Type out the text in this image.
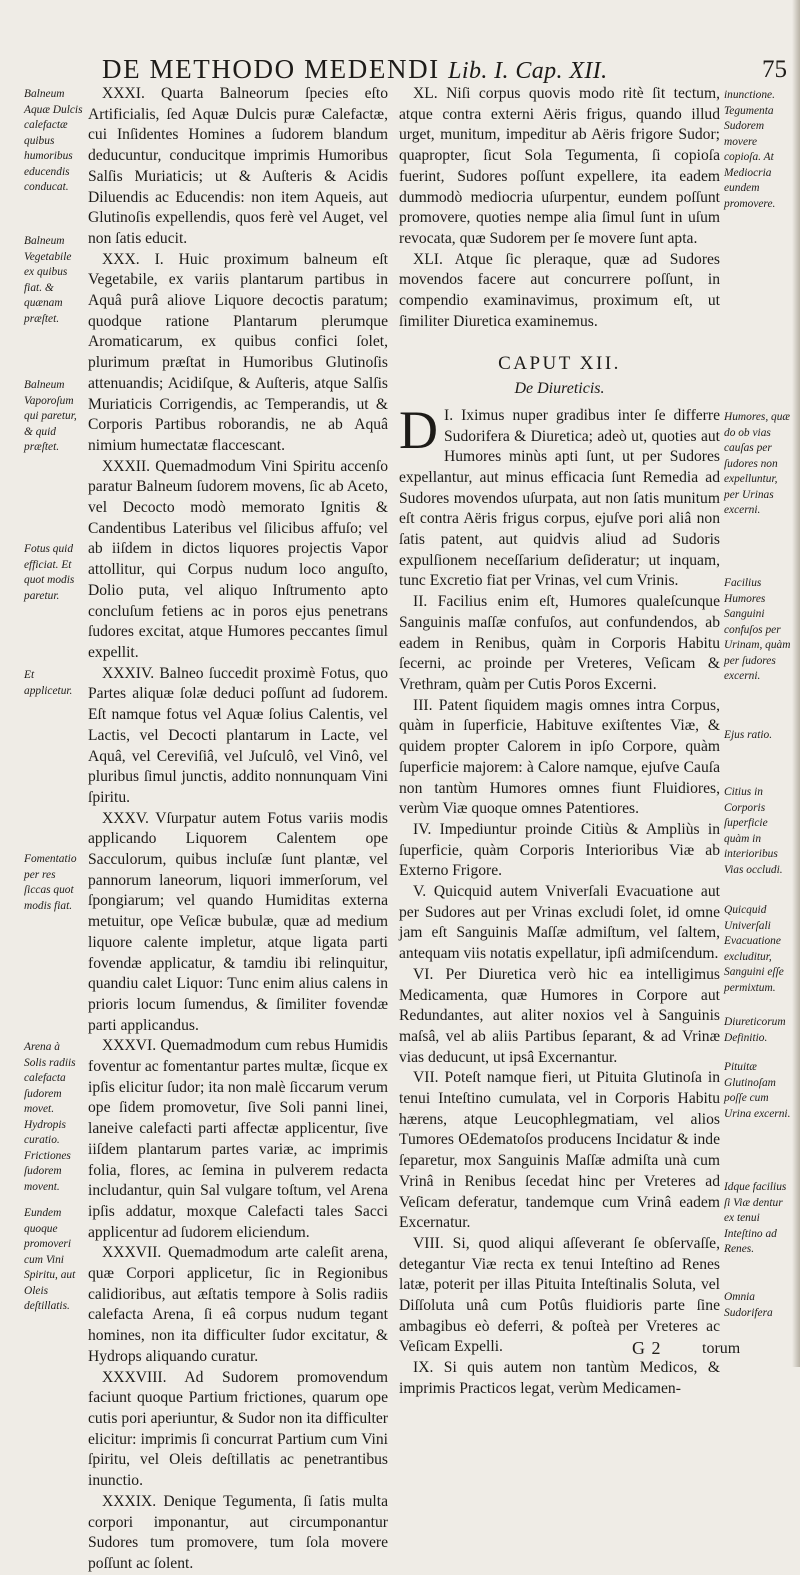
DE METHODO MEDENDI Lib. I. Cap. XII.	75
Balneum Aquæ Dulcis calefactæ quibus humoribus educendis conducat.
Balneum Vegetabile ex quibus fiat. & quænam præſtet.
Balneum Vaporoſum qui paretur, & quid præſtet.
Fotus quid efficiat. Et quot modis paretur.
Et applicetur.
Fomentatio per res ſiccas quot modis fiat.
Arena à Solis radiis calefacta ſudorem movet. Hydropis curatio. Frictiones ſudorem movent.
Eundem quoque promoveri cum Vini Spiritu, aut Oleis deſtillatis.

XXXI. Quarta Balneorum ſpecies eſto Artificialis, ſed Aquæ Dulcis puræ Calefactæ, cui Inſidentes Homines a ſudorem blandum deducuntur, conducitque imprimis Humoribus Salſis Muriaticis; ut & Auſteris & Acidis Diluendis ac Educendis: non item Aqueis, aut Glutinoſis expellendis, quos ferè vel Auget, vel non ſatis educit.

XXX. I. Huic proximum balneum eſt Vegetabile, ex variis plantarum partibus in Aquâ purâ aliove Liquore decoctis paratum; quodque ratione Plantarum plerumque Aromaticarum, ex quibus confici ſolet, plurimum præſtat in Humoribus Glutinoſis attenuandis; Acidiſque, & Auſteris, atque Salſis Muriaticis Corrigendis, ac Temperandis, ut & Corporis Partibus roborandis, ne ab Aquâ nimium humectatæ flaccescant.

XXXII. Quemadmodum Vini Spiritu accenſo paratur Balneum ſudorem movens, ſic ab Aceto, vel Decocto modò memorato Ignitis & Candentibus Lateribus vel ſilicibus affuſo; vel ab iiſdem in dictos liquores projectis Vapor attollitur, qui Corpus nudum loco anguſto, Dolio puta, vel aliquo Inſtrumento apto concluſum fetiens ac in poros ejus penetrans ſudores excitat, atque Humores peccantes ſimul expellit.

XXXIV. Balneo ſuccedit proximè Fotus, quo Partes aliquæ ſolæ deduci poſſunt ad ſudorem. Eſt namque fotus vel Aquæ ſolius Calentis, vel Lactis, vel Decocti plantarum in Lacte, vel Aquâ, vel Cereviſiâ, vel Juſculô, vel Vinô, vel pluribus ſimul junctis, addito nonnunquam Vini ſpiritu.

XXXV. Vſurpatur autem Fotus variis modis applicando Liquorem Calentem ope Sacculorum, quibus incluſæ ſunt plantæ, vel pannorum laneorum, liquori immerſorum, vel ſpongiarum; vel quando Humiditas externa metuitur, ope Veſicæ bubulæ, quæ ad medium liquore calente impletur, atque ligata parti fovendæ applicatur, & tamdiu ibi relinquitur, quandiu calet Liquor: Tunc enim alius calens in prioris locum ſumendus, & ſimiliter fovendæ parti applicandus.

XXXVI. Quemadmodum cum rebus Humidis foventur ac fomentantur partes multæ, ſicque ex ipſis elicitur ſudor; ita non malè ſiccarum verum ope ſidem promovetur, ſive Soli panni linei, laneive calefacti parti affectæ applicentur, ſive iiſdem plantarum partes variæ, ac imprimis folia, flores, ac ſemina in pulverem redacta includantur, quin Sal vulgare toſtum, vel Arena ipſis addatur, moxque Calefacti tales Sacci applicentur ad ſudorem eliciendum.

XXXVII. Quemadmodum arte caleſit arena, quæ Corpori applicetur, ſic in Regionibus calidioribus, aut æſtatis tempore à Solis radiis calefacta Arena, ſi eâ corpus nudum tegant homines, non ita difficulter ſudor excitatur, & Hydrops aliquando curatur.

XXXVIII. Ad Sudorem promovendum faciunt quoque Partium frictiones, quarum ope cutis pori aperiuntur, & Sudor non ita difficulter elicitur: imprimis ſi concurrat Partium cum Vini ſpiritu, vel Oleis deſtillatis ac penetrantibus inunctio.

XXXIX. Denique Tegumenta, ſi ſatis multa corpori imponantur, aut circumponantur Sudores tum promovere, tum ſola movere poſſunt ac ſolent.

XL. Niſi corpus quovis modo ritè ſit tectum, atque contra externi Aëris frigus, quando illud urget, munitum, impeditur ab Aëris frigore Sudor; quapropter, ſicut Sola Tegumenta, ſi copioſa fuerint, Sudores poſſunt expellere, ita eadem dummodò mediocria uſurpentur, eundem poſſunt promovere, quoties nempe alia ſimul ſunt in uſum revocata, quæ Sudorem per ſe movere ſunt apta.

XLI. Atque ſic pleraque, quæ ad Sudores movendos facere aut concurrere poſſunt, in compendio examinavimus, proximum eſt, ut ſimiliter Diuretica examinemus.

CAPUT XII.
De Diureticis.

I.
D Iximus nuper gradibus inter ſe differre Sudorifera & Diuretica; adeò ut, quoties aut Humores minùs apti ſunt, ut per Sudores expellantur, aut minus efficacia ſunt Remedia ad Sudores movendos uſurpata, aut non ſatis munitum eſt contra Aëris frigus corpus, ejuſve pori aliâ non ſatis patent, aut quidvis aliud ad Sudoris expulſionem neceſſarium deſideratur; ut inquam, tunc Excretio fiat per Vrinas, vel cum Vrinis.

II. Facilius enim eſt, Humores qualeſcunque Sanguinis maſſæ confuſos, aut confundendos, ab eadem in Renibus, quàm in Corporis Habitu ſecerni, ac proinde per Vreteres, Veſicam & Vrethram, quàm per Cutis Poros Excerni.

III. Patent ſiquidem magis omnes intra Corpus, quàm in ſuperficie, Habituve exiſtentes Viæ, & quidem propter Calorem in ipſo Corpore, quàm ſuperficie majorem: à Calore namque, ejuſve Cauſa non tantùm Humores omnes fiunt Fluidiores, verùm Viæ quoque omnes Patentiores.

IV. Impediuntur proinde Citiùs & Ampliùs in ſuperficie, quàm Corporis Interioribus Viæ ab Externo Frigore.

V. Quicquid autem Vniverſali Evacuatione aut per Sudores aut per Vrinas excludi ſolet, id omne jam eſt Sanguinis Maſſæ admiſtum, vel ſaltem, antequam viis notatis expellatur, ipſi admiſcendum.

VI. Per Diuretica verò hic ea intelligimus Medicamenta, quæ Humores in Corpore aut Redundantes, aut aliter noxios vel à Sanguinis maſsâ, vel ab aliis Partibus ſeparant, & ad Vrinæ vias deducunt, ut ipsâ Excernantur.

VII. Poteſt namque fieri, ut Pituita Glutinoſa in tenui Inteſtino cumulata, vel in Corporis Habitu hærens, atque Leucophlegmatiam, vel alios Tumores OEdematoſos producens Incidatur & inde ſeparetur, mox Sanguinis Maſſæ admiſta unà cum Vrinâ in Renibus ſecedat hinc per Vreteres ad Veſicam deferatur, tandemque cum Vrinâ eadem Excernatur.

VIII. Si, quod aliqui aſſeverant ſe obſervaſſe, detegantur Viæ recta ex tenui Inteſtino ad Renes latæ, poterit per illas Pituita Inteſtinalis Soluta, vel Diſſoluta unâ cum Potûs fluidioris parte ſine ambagibus eò deferri, & poſteà per Vreteres ac Veſicam Expelli.

IX. Si quis autem non tantùm Medicos, & imprimis Practicos legat, verùm Medicamen-

inunctione. Tegumenta Sudorem movere copioſa. At Mediocria eundem promovere.
Humores, quæ do ob vias cauſas per ſudores non expelluntur, per Urinas excerni.
Facilius Humores Sanguini confuſos per Urinam, quàm per ſudores excerni.
Ejus ratio.
Citius in Corporis ſuperficie quàm in interioribus Vias occludi.
Quicquid Univerſali Evacuatione excluditur, Sanguini eſſe permixtum.
Diureticorum Definitio.
Pituitæ Glutinoſam poſſe cum Urina excerni.
Idque facilius ſi Viæ dentur ex tenui Inteſtino ad Renes.
Omnia Sudorifera
G 2	torum
